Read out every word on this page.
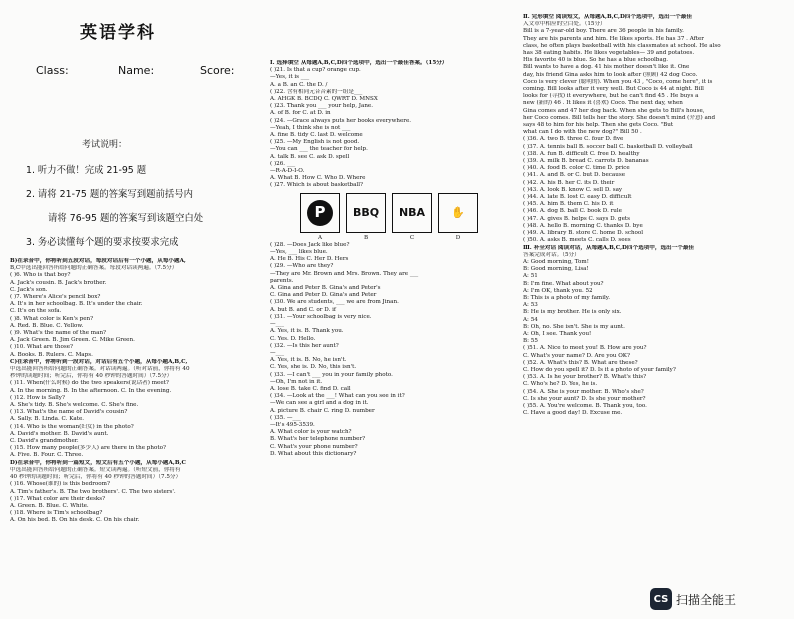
英语学科
Class:	Name:	Score:
考试说明：
1. 听力不做！完成 21-95 题
2. 请将 21-75 题的答案写到题前括号内
请将 76-95 题的答案写到该题空白处
3. 务必读懂每个题的要求按要求完成
B)在录音中，你将听到五段对话，每段对话后有一个小题，从每小题A,
B,C中选出能回答所给问题的正确答案。每段对话读两遍。（7.5分）
( )6. Who is that boy?
A. Jack's cousin. B. Jack's brother.
C. Jack's son.
( )7. Where's Alice's pencil box?
A. It's in her schoolbag. B. It's under the chair.
C. It's on the sofa.
( )8. What color is Ken's pen?
A. Red. B. Blue. C. Yellow.
( )9. What's the name of the man?
A. Jack Green. B. Jim Green. C. Mike Green.
( )10. What are those?
A. Books. B. Rulers. C. Maps.
C)在录音中，你将听到一段对话，对话后有五个小题，从每小题A,B,C,
中选出能回答所给问题的正确答案。对话读两遍。（听对话前，你将有 40
秒钟的读题时间；听完后，你将有 40 秒钟的答题时间）（7.5分）
( )11. When(什么时候) do the two speakers(说话者) meet?
A. In the morning. B. In the afternoon. C. In the evening.
( )12. How is Sally?
A. She's tidy. B. She's welcome. C. She's fine.
( )13. What's the name of David's cousin?
A. Sally. B. Linda. C. Kate.
( )14. Who is the woman(妇女) in the photo?
A. David's mother. B. David's aunt.
C. David's grandmother.
( )15. How many people(多少人) are there in the photo?
A. Five. B. Four. C. Three.
D)在录音中，你将听到一篇短文，短文后有五个小题，从每小题A,B,C
中选出能回答所给问题的正确答案。短文读两遍。（听短文前，你将有
40 秒钟的读题时间；听完后，你将有 40 秒钟的答题时间）（7.5分）
( )16. Whose(谁的) is this bedroom?
A. Tim's father's. B. The two brothers'. C. The two sisters'.
( )17. What color are their desks?
A. Green. B. Blue. C. White.
( )18. Where is Tim's schoolbag?
A. On his bed. B. On his desk. C. On his chair.
Ⅰ. 选择填空 从每题A,B,C,D四个选项中，选出一个最佳答案。（15分）
( )21. Is that a cup? orange cup.
—Yes, it is ___
A. a B. an C. the D. /
( )22. 含有相同元音音素的一组是___
A. AHGK B. BCDQ C. QWRT D. MNSX
( )23. Thank you ___ your help, Jane.
A. of B. for C. at D. in
( )24. —Grace always puts her books everywhere.
—Yeah, I think she is not ___
A. fine B. tidy C. last D. welcome
( )25. —My English is not good.
—You can ___ the teacher for help.
A. talk B. see C. ask D. spell
( )26. ___
—R-A-D-I-O.
A. What B. How C. Who D. Where
( )27. Which is about basketball?
P	BBQ NBA ✋
A	B	C	D
( )28. —Does Jack like blue?
—Yes, ___ likes blue.
A. He B. His C. Her D. Hers
( )29. —Who are they?
—They are Mr. Brown and Mrs. Brown. They are ___
parents.
A. Gina and Peter B. Gina's and Peter's
C. Gina and Peter D. Gina's and Peter
( )30. We are students, ___ we are from Jinan.
A. but B. and C. or D. if
( )31. —Your schoolbag is very nice.
—___
A. Yes, it is. B. Thank you.
C. Yes. D. Hello.
( )32. —Is this her aunt?
—___
A. Yes, it is. B. No, he isn't.
C. Yes, she is. D. No, this isn't.
( )33. —I can't ___ you in your family photo.
—Oh, I'm not in it.
A. lose B. take C. find D. call
( )34. —Look at the ___! What can you see in it?
—We can see a girl and a dog in it.
A. picture B. chair C. ring D. number
( )35. —___
—It's 495-3539.
A. What color is your watch?
B. What's her telephone number?
C. What's your phone number?
D. What about this dictionary?
Ⅱ. 完形填空 阅读短文，从每题A,B,C,D四个选项中，选出一个最佳
入文章中相应的空白处。（15分）
Bill is a 7-year-old boy. There are 36 people in his family.
They are his parents and him. He likes sports. He has 37 . After
class, he often plays basketball with his classmates at school. He also
has 38 eating habits. He likes vegetables— 39 and potatoes.
His favorite 40 is blue. So he has a blue schoolbag.
Bill wants to have a dog. 41 his mother doesn't like it. One
day, his friend Gina asks him to look after (照顾) 42 dog Coco.
Coco is very clever (聪明的). When you 43 , "Coco, come here", it is
coming. Bill looks after it very well. But Coco is 44 at night. Bill
looks for (寻找) it everywhere, but he can't find 45 . He buys a
new (新的) 46 . It likes it (喜欢) Coco. The next day, when
Gina comes and 47 her dog back. When she gets to Bill's house,
her Coco comes. Bill tells her the story. She doesn't mind (介意) and
says 48 to him for his help. Then she gets Coco. "But
what can I do with the new dog?" Bill 50 .
( )36. A. two B. three C. four D. five
( )37. A. tennis ball B. soccer ball C. basketball D. volleyball
( )38. A. fun B. difficult C. free D. healthy
( )39. A. milk B. bread C. carrots D. bananas
( )40. A. food B. color C. time D. price
( )41. A. and B. or C. but D. because
( )42. A. his B. her C. its D. their
( )43. A. look B. know C. sell D. say
( )44. A. late B. lost C. easy D. difficult
( )45. A. him B. them C. his D. it
( )46. A. dog B. ball C. book D. rule
( )47. A. gives B. helps C. says D. gets
( )48. A. hello B. morning C. thanks D. bye
( )49. A. library B. store C. home D. school
( )50. A. asks B. meets C. calls D. sees
Ⅲ. 补全对话 阅读对话，从每题A,B,C,D四个选项中，选出一个最佳
答案完成对话。（5分）
A: Good morning, Tom!
B: Good morning, Lisa!
A: 51
B: I'm fine. What about you?
A: I'm OK, thank you. 52
B: This is a photo of my family.
A: 53
B: He is my brother. He is only six.
A: 54
B: Oh, no. She isn't. She is my aunt.
A: Oh, I see. Thank you!
B: 55
( )51. A. Nice to meet you! B. How are you?
C. What's your name? D. Are you OK?
( )52. A. What's this? B. What are these?
C. How do you spell it? D. Is it a photo of your family?
( )53. A. Is he your brother? B. What's this?
C. Who's he? D. Yes, he is.
( )54. A. She is your mother. B. Who's she?
C. Is she your aunt? D. Is she your mother?
( )55. A. You're welcome. B. Thank you, too.
C. Have a good day! D. Excuse me.
CS 扫描全能王
